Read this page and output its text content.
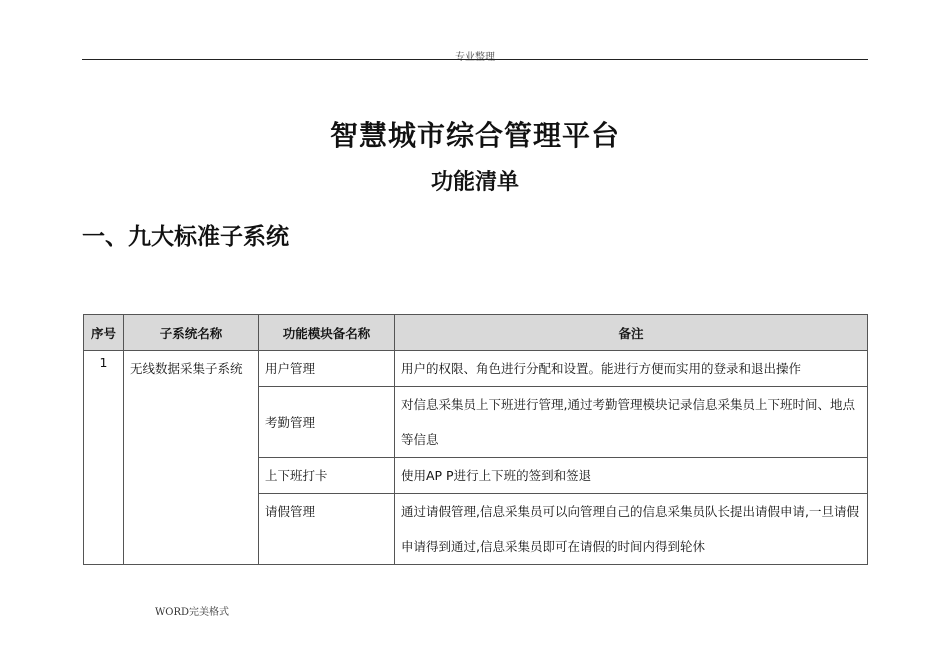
专业整理
智慧城市综合管理平台
功能清单
一、九大标准子系统
序号	子系统名称	功能模块备名称	备注
1	无线数据采集子系统	用户管理	用户的权限、角色进行分配和设置。能进行方便而实用的登录和退出操作
		考勤管理	对信息采集员上下班进行管理,通过考勤管理模块记录信息采集员上下班时间、地点等信息
		上下班打卡	使用AP P进行上下班的签到和签退
		请假管理	通过请假管理,信息采集员可以向管理自己的信息采集员队长提出请假申请,一旦请假申请得到通过,信息采集员即可在请假的时间内得到轮休
WORD完美格式
